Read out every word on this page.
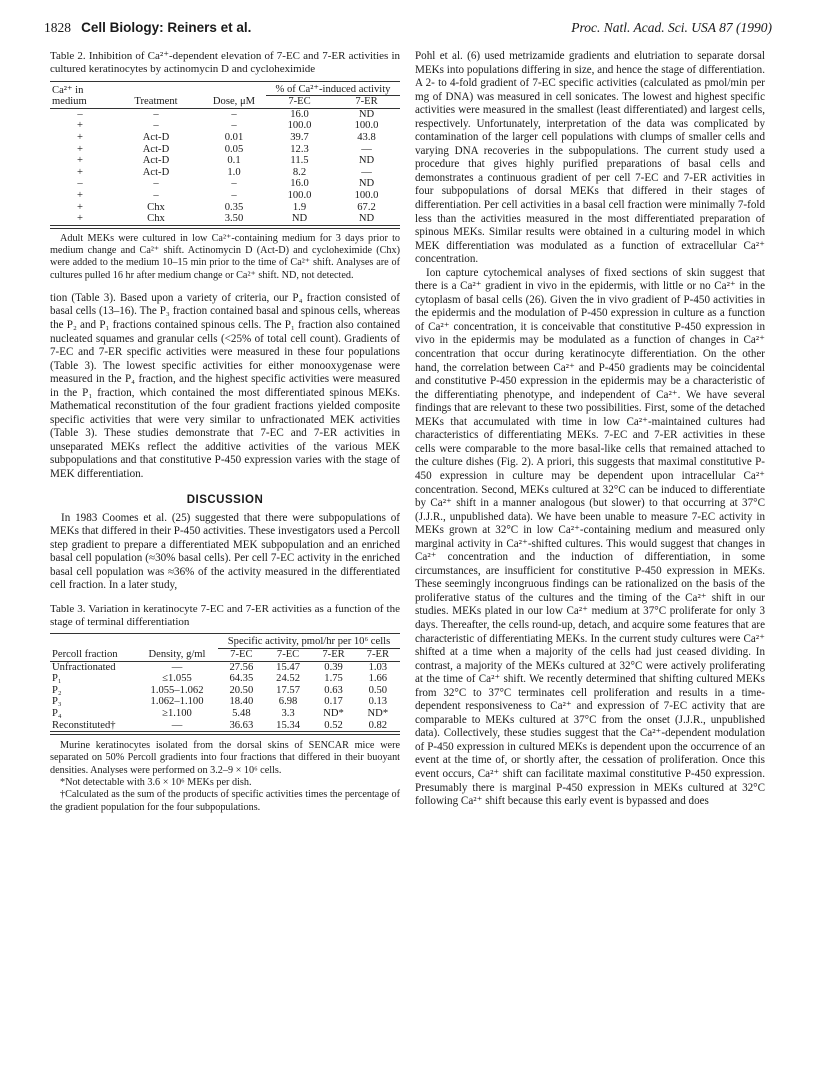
1828 Cell Biology: Reiners et al.	Proc. Natl. Acad. Sci. USA 87 (1990)

Table 2. Inhibition of Ca²⁺-dependent elevation of 7-EC and 7-ER activities in cultured keratinocytes by actinomycin D and cycloheximide

Ca²⁺ in medium	Treatment	Dose, μM	% of Ca²⁺-induced activity	
			7-EC	7-ER
–	–	–	16.0	ND
+	–	–	100.0	100.0
+	Act-D	0.01	39.7	43.8
+	Act-D	0.05	12.3	—
+	Act-D	0.1	11.5	ND
+	Act-D	1.0	8.2	—
–	–	–	16.0	ND
+	–	–	100.0	100.0
+	Chx	0.35	1.9	67.2
+	Chx	3.50	ND	ND

Adult MEKs were cultured in low Ca²⁺-containing medium for 3 days prior to medium change and Ca²⁺ shift. Actinomycin D (Act-D) and cycloheximide (Chx) were added to the medium 10–15 min prior to the time of Ca²⁺ shift. Analyses are of cultures pulled 16 hr after medium change or Ca²⁺ shift. ND, not detected.

tion (Table 3). Based upon a variety of criteria, our P₄ fraction consisted of basal cells (13–16). The P₃ fraction contained basal and spinous cells, whereas the P₂ and P₁ fractions contained spinous cells. The P₁ fraction also contained nucleated squames and granular cells (<25% of total cell count). Gradients of 7-EC and 7-ER specific activities were measured in these four populations (Table 3). The lowest specific activities for either monooxygenase were measured in the P₄ fraction, and the highest specific activities were measured in the P₁ fraction, which contained the most differentiated spinous MEKs. Mathematical reconstitution of the four gradient fractions yielded composite specific activities that were very similar to unfractionated MEK activities (Table 3). These studies demonstrate that 7-EC and 7-ER activities in unseparated MEKs reflect the additive activities of the various MEK subpopulations and that constitutive P-450 expression varies with the stage of MEK differentiation.

DISCUSSION

In 1983 Coomes et al. (25) suggested that there were subpopulations of MEKs that differed in their P-450 activities. These investigators used a Percoll step gradient to prepare a differentiated MEK subpopulation and an enriched basal cell population (≈30% basal cells). Per cell 7-EC activity in the enriched basal cell population was ≈36% of the activity measured in the differentiated cell fraction. In a later study,

Table 3. Variation in keratinocyte 7-EC and 7-ER activities as a function of the stage of terminal differentiation

Percoll fraction	Density, g/ml	Specific activity, pmol/hr per 10⁶ cells			
		7-EC	7-EC	7-ER	7-ER
Unfractionated	—	27.56	15.47	0.39	1.03
P₁	≤1.055	64.35	24.52	1.75	1.66
P₂	1.055–1.062	20.50	17.57	0.63	0.50
P₃	1.062–1.100	18.40	6.98	0.17	0.13
P₄	≥1.100	5.48	3.3	ND*	ND*
Reconstituted†	—	36.63	15.34	0.52	0.82

Murine keratinocytes isolated from the dorsal skins of SENCAR mice were separated on 50% Percoll gradients into four fractions that differed in their buoyant densities. Analyses were performed on 3.2–9 × 10⁶ cells.

*Not detectable with 3.6 × 10⁶ MEKs per dish.

†Calculated as the sum of the products of specific activities times the percentage of the gradient population for the four subpopulations.

Pohl et al. (6) used metrizamide gradients and elutriation to separate dorsal MEKs into populations differing in size, and hence the stage of differentiation. A 2- to 4-fold gradient of 7-EC specific activities (calculated as pmol/min per mg of DNA) was measured in cell sonicates. The lowest and highest specific activities were measured in the smallest (least differentiated) and largest cells, respectively. Unfortunately, interpretation of the data was complicated by contamination of the larger cell populations with clumps of smaller cells and varying DNA recoveries in the subpopulations. The current study used a procedure that gives highly purified preparations of basal cells and demonstrates a continuous gradient of per cell 7-EC and 7-ER activities in four subpopulations of dorsal MEKs that differed in their stages of differentiation. Per cell activities in a basal cell fraction were minimally 7-fold less than the activities measured in the most differentiated preparation of spinous MEKs. Similar results were obtained in a culturing model in which MEK differentiation was modulated as a function of extracellular Ca²⁺ concentration.

Ion capture cytochemical analyses of fixed sections of skin suggest that there is a Ca²⁺ gradient in vivo in the epidermis, with little or no Ca²⁺ in the cytoplasm of basal cells (26). Given the in vivo gradient of P-450 activities in the epidermis and the modulation of P-450 expression in culture as a function of Ca²⁺ concentration, it is conceivable that constitutive P-450 expression in vivo in the epidermis may be modulated as a function of changes in Ca²⁺ concentration that occur during keratinocyte differentiation. On the other hand, the correlation between Ca²⁺ and P-450 gradients may be coincidental and constitutive P-450 expression in the epidermis may be a characteristic of the differentiating phenotype, and independent of Ca²⁺. We have several findings that are relevant to these two possibilities. First, some of the detached MEKs that accumulated with time in low Ca²⁺-maintained cultures had characteristics of differentiating MEKs. 7-EC and 7-ER activities in these cells were comparable to the more basal-like cells that remained attached to the culture dishes (Fig. 2). A priori, this suggests that maximal constitutive P-450 expression in culture may be dependent upon intracellular Ca²⁺ concentration. Second, MEKs cultured at 32°C can be induced to differentiate by Ca²⁺ shift in a manner analogous (but slower) to that occurring at 37°C (J.J.R., unpublished data). We have been unable to measure 7-EC activity in MEKs grown at 32°C in low Ca²⁺-containing medium and measured only marginal activity in Ca²⁺-shifted cultures. This would suggest that changes in Ca²⁺ concentration and the induction of differentiation, in some circumstances, are insufficient for constitutive P-450 expression in MEKs. These seemingly incongruous findings can be rationalized on the basis of the proliferative status of the cultures and the timing of the Ca²⁺ shift in our studies. MEKs plated in our low Ca²⁺ medium at 37°C proliferate for only 3 days. Thereafter, the cells round-up, detach, and acquire some features that are characteristic of differentiating MEKs. In the current study cultures were Ca²⁺ shifted at a time when a majority of the cells had just ceased dividing. In contrast, a majority of the MEKs cultured at 32°C were actively proliferating at the time of Ca²⁺ shift. We recently determined that shifting cultured MEKs from 32°C to 37°C terminates cell proliferation and results in a time-dependent responsiveness to Ca²⁺ and expression of 7-EC activity that are comparable to MEKs cultured at 37°C from the onset (J.J.R., unpublished data). Collectively, these studies suggest that the Ca²⁺-dependent modulation of P-450 expression in cultured MEKs is dependent upon the occurrence of an event at the time of, or shortly after, the cessation of proliferation. Once this event occurs, Ca²⁺ shift can facilitate maximal constitutive P-450 expression. Presumably there is marginal P-450 expression in MEKs cultured at 32°C following Ca²⁺ shift because this early event is bypassed and does
